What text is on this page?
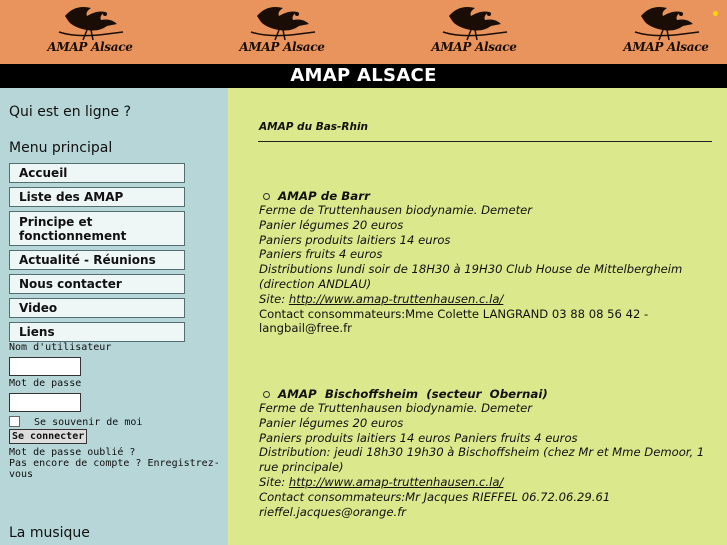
AMAP Alsace	AMAP Alsace	AMAP Alsace	AMAP Alsace
AMAP ALSACE
Qui est en ligne ?
Menu principal
Accueil
Liste des AMAP
Principe et fonctionnement
Actualité - Réunions
Nous contacter
Video
Liens
Nom d'utilisateur
Mot de passe
Se souvenir de moi
Se connecter
Mot de passe oublié ?
Pas encore de compte ? Enregistrez-vous
La musique
AMAP du Bas-Rhin
AMAP de Barr
Ferme de Truttenhausen biodynamie. Demeter
Panier légumes 20 euros
Paniers produits laitiers 14 euros
Paniers fruits 4 euros
Distributions lundi soir de 18H30 à 19H30 Club House de Mittelbergheim (direction ANDLAU)
Site: http://www.amap-truttenhausen.c.la/
Contact consommateurs:Mme Colette LANGRAND 03 88 08 56 42 - langbail@free.fr
AMAP  Bischoffsheim  (secteur  Obernai)
Ferme de Truttenhausen biodynamie. Demeter
Panier légumes 20 euros
Paniers produits laitiers 14 euros Paniers fruits 4 euros
Distribution: jeudi 18h30 19h30 à Bischoffsheim (chez Mr et Mme Demoor, 1 rue principale)
Site: http://www.amap-truttenhausen.c.la/
Contact consommateurs:Mr Jacques RIEFFEL 06.72.06.29.61
rieffel.jacques@orange.fr
